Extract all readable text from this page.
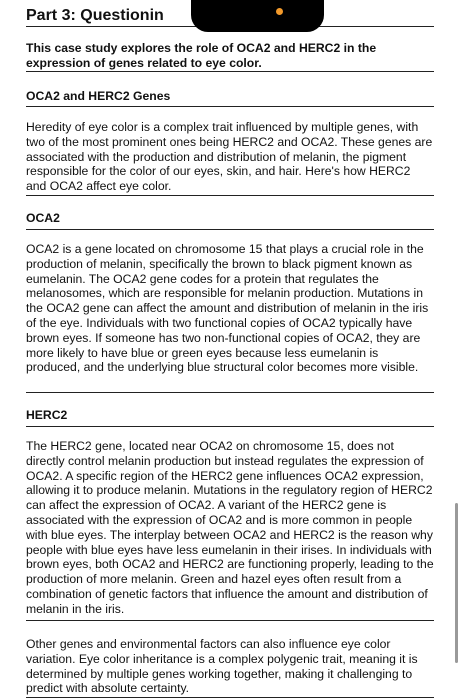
Part 3: Questionin

This case study explores the role of OCA2 and HERC2 in the expression of genes related to eye color.

OCA2 and HERC2 Genes

Heredity of eye color is a complex trait influenced by multiple genes, with two of the most prominent ones being HERC2 and OCA2. These genes are associated with the production and distribution of melanin, the pigment responsible for the color of our eyes, skin, and hair. Here's how HERC2 and OCA2 affect eye color.

OCA2

OCA2 is a gene located on chromosome 15 that plays a crucial role in the production of melanin, specifically the brown to black pigment known as eumelanin. The OCA2 gene codes for a protein that regulates the melanosomes, which are responsible for melanin production. Mutations in the OCA2 gene can affect the amount and distribution of melanin in the iris of the eye. Individuals with two functional copies of OCA2 typically have brown eyes. If someone has two non-functional copies of OCA2, they are more likely to have blue or green eyes because less eumelanin is produced, and the underlying blue structural color becomes more visible.

HERC2

The HERC2 gene, located near OCA2 on chromosome 15, does not directly control melanin production but instead regulates the expression of OCA2. A specific region of the HERC2 gene influences OCA2 expression, allowing it to produce melanin. Mutations in the regulatory region of HERC2 can affect the expression of OCA2. A variant of the HERC2 gene is associated with the expression of OCA2 and is more common in people with blue eyes. The interplay between OCA2 and HERC2 is the reason why people with blue eyes have less eumelanin in their irises. In individuals with brown eyes, both OCA2 and HERC2 are functioning properly, leading to the production of more melanin. Green and hazel eyes often result from a combination of genetic factors that influence the amount and distribution of melanin in the iris.

Other genes and environmental factors can also influence eye color variation. Eye color inheritance is a complex polygenic trait, meaning it is determined by multiple genes working together, making it challenging to predict with absolute certainty.
